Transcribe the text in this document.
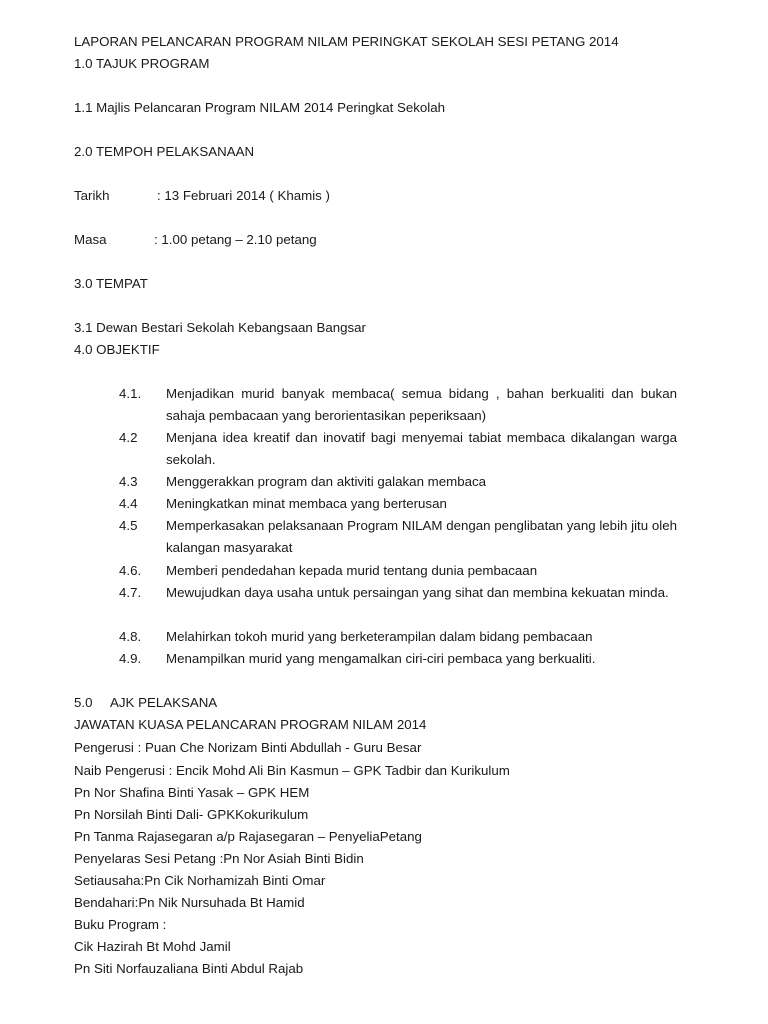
LAPORAN PELANCARAN PROGRAM NILAM PERINGKAT SEKOLAH SESI PETANG 2014
1.0 TAJUK PROGRAM
1.1 Majlis Pelancaran Program NILAM 2014 Peringkat Sekolah
2.0 TEMPOH PELAKSANAAN
Tarikh	: 13 Februari 2014 ( Khamis )
Masa	: 1.00 petang – 2.10 petang
3.0 TEMPAT
3.1 Dewan Bestari Sekolah Kebangsaan Bangsar
4.0 OBJEKTIF
4.1. Menjadikan murid banyak membaca( semua bidang , bahan berkualiti dan bukan sahaja pembacaan yang berorientasikan peperiksaan)
4.2 Menjana idea kreatif dan inovatif bagi menyemai tabiat membaca dikalangan warga sekolah.
4.3 Menggerakkan program dan aktiviti galakan membaca
4.4 Meningkatkan minat membaca yang berterusan
4.5 Memperkasakan pelaksanaan Program NILAM dengan penglibatan yang lebih jitu oleh kalangan masyarakat
4.6. Memberi pendedahan kepada murid tentang dunia pembacaan
4.7. Mewujudkan daya usaha untuk persaingan yang sihat dan membina kekuatan minda.
4.8. Melahirkan tokoh murid yang berketerampilan dalam bidang pembacaan
4.9. Menampilkan murid yang mengamalkan ciri-ciri pembaca yang berkualiti.
5.0 AJK PELAKSANA
JAWATAN KUASA PELANCARAN PROGRAM NILAM 2014
Pengerusi : Puan Che Norizam Binti Abdullah - Guru Besar
Naib Pengerusi : Encik Mohd Ali Bin Kasmun – GPK Tadbir dan Kurikulum
Pn Nor Shafina Binti Yasak – GPK HEM
Pn Norsilah Binti Dali- GPKKokurikulum
Pn Tanma Rajasegaran a/p Rajasegaran – PenyeliaPetang
Penyelaras Sesi Petang :Pn Nor Asiah Binti Bidin
Setiausaha:Pn Cik Norhamizah Binti Omar
Bendahari:Pn Nik Nursuhada Bt Hamid
Buku Program :
Cik Hazirah Bt Mohd Jamil
Pn Siti Norfauzaliana Binti Abdul Rajab
